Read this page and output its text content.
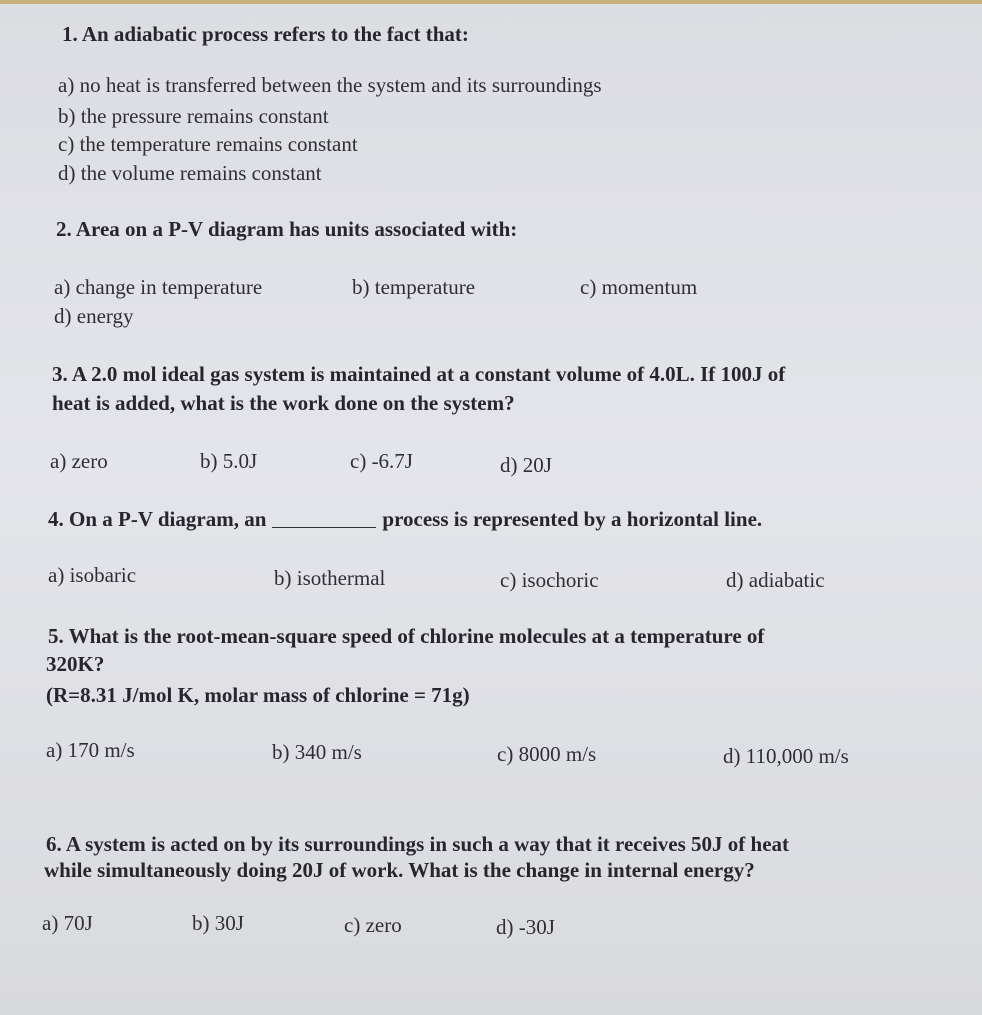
1. An adiabatic process refers to the fact that:
a) no heat is transferred between the system and its surroundings
b) the pressure remains constant
c) the temperature remains constant
d) the volume remains constant
2. Area on a P-V diagram has units associated with:
a) change in temperature	b) temperature	c) momentum
d) energy
3. A 2.0 mol ideal gas system is maintained at a constant volume of 4.0L. If 100J of
heat is added, what is the work done on the system?
a) zero	b) 5.0J	c) -6.7J	d) 20J
4. On a P-V diagram, an	process is represented by a horizontal line.
a) isobaric	b) isothermal	c) isochoric	d) adiabatic
5. What is the root-mean-square speed of chlorine molecules at a temperature of
320K?
(R=8.31 J/mol K, molar mass of chlorine = 71g)
a) 170 m/s	b) 340 m/s	c) 8000 m/s	d) 110,000 m/s
6. A system is acted on by its surroundings in such a way that it receives 50J of heat
while simultaneously doing 20J of work. What is the change in internal energy?
a) 70J	b) 30J	c) zero	d) -30J
